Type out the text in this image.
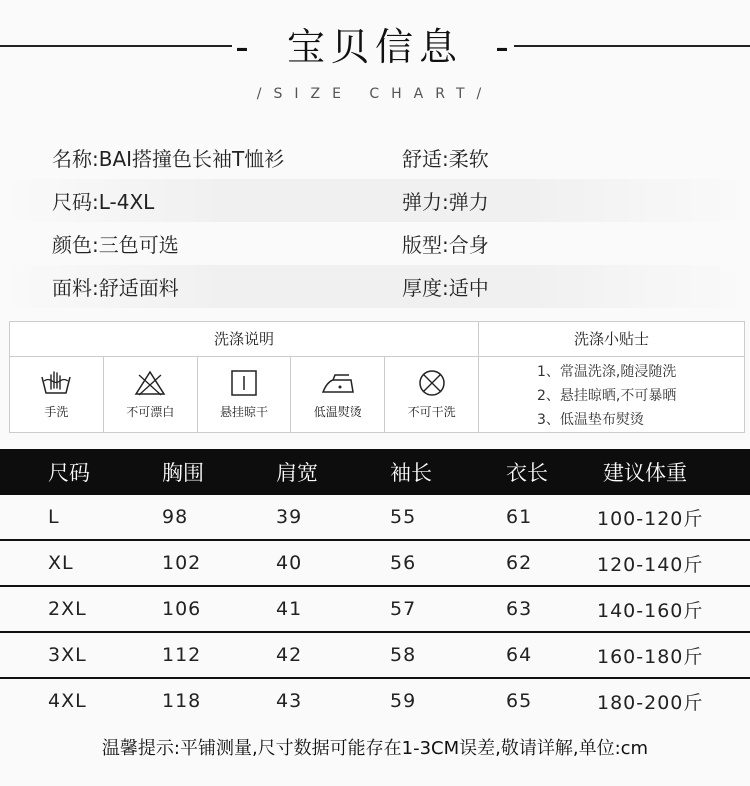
- 宝贝信息 -
/SIZE CHART/
名称:BAI搭撞色长袖T恤衫	舒适:柔软
尺码:L-4XL	弹力:弹力
颜色:三色可选	版型:合身
面料:舒适面料	厚度:适中
洗涤说明	洗涤小贴士
手洗	不可漂白	悬挂晾干	低温熨烫	不可干洗
1、常温洗涤,随浸随洗
2、悬挂晾晒,不可暴晒
3、低温垫布熨烫
尺码	胸围	肩宽	袖长	衣长	建议体重
L	98	39	55	61	100-120斤
XL	102	40	56	62	120-140斤
2XL	106	41	57	63	140-160斤
3XL	112	42	58	64	160-180斤
4XL	118	43	59	65	180-200斤
温馨提示:平铺测量,尺寸数据可能存在1-3CM误差,敬请详解,单位:cm
